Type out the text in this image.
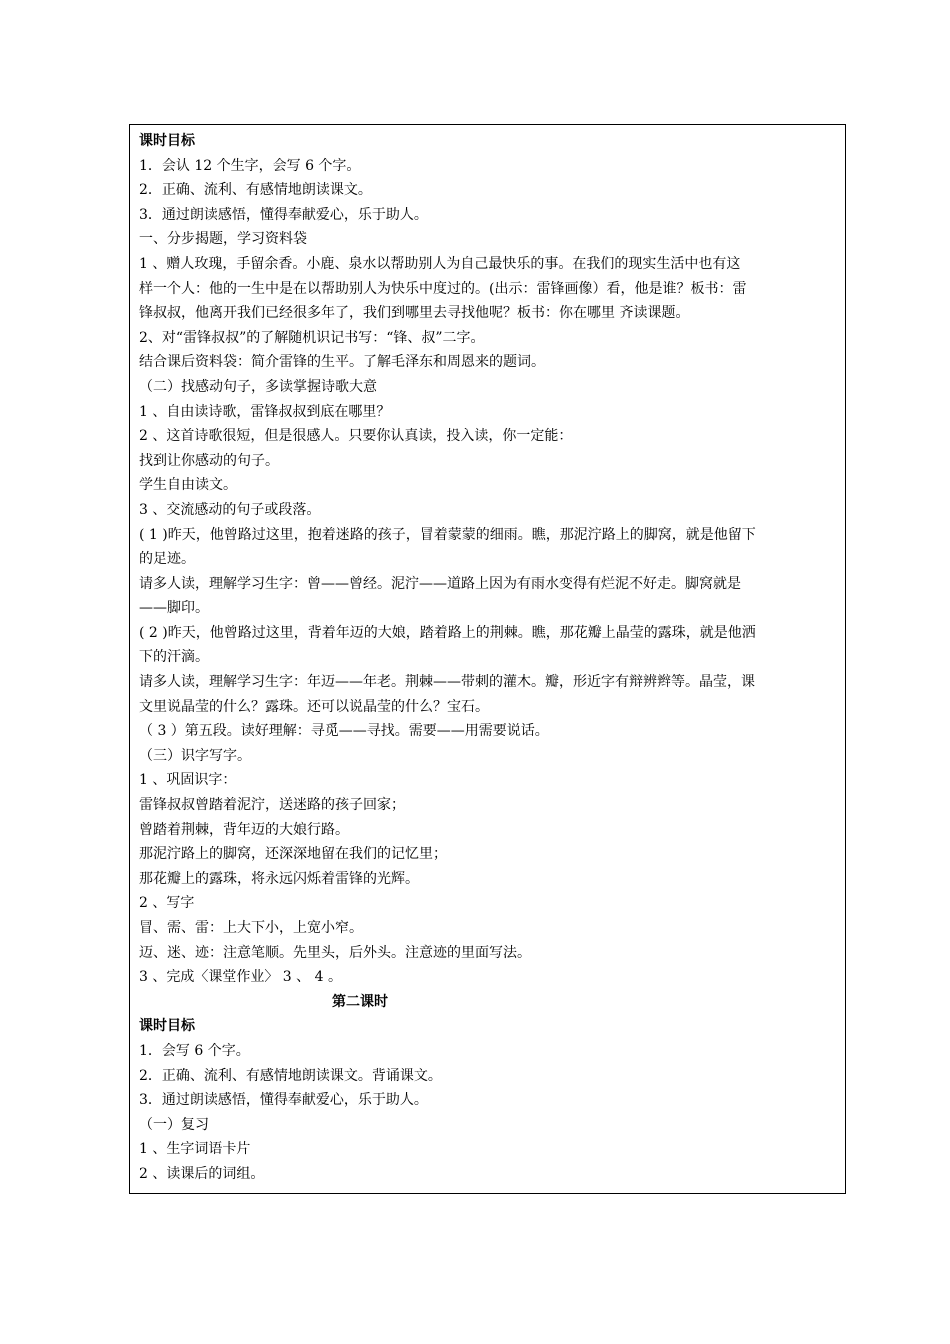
课时目标
1．会认 12 个生字，会写 6 个字。
2．正确、流利、有感情地朗读课文。
3．通过朗读感悟，懂得奉献爱心，乐于助人。
一、分步揭题，学习资料袋
1 、赠人玫瑰，手留余香。小鹿、泉水以帮助别人为自己最快乐的事。在我们的现实生活中也有这
样一个人：他的一生中是在以帮助别人为快乐中度过的。(出示：雷锋画像）看，他是谁？板书：雷
锋叔叔，他离开我们已经很多年了，我们到哪里去寻找他呢？板书：你在哪里 齐读课题。
2、对“雷锋叔叔”的了解随机识记书写：“锋、叔”二字。
结合课后资料袋：简介雷锋的生平。了解毛泽东和周恩来的题词。
（二）找感动句子，多读掌握诗歌大意
1 、自由读诗歌，雷锋叔叔到底在哪里？
2 、这首诗歌很短，但是很感人。只要你认真读，投入读，你一定能：
找到让你感动的句子。
学生自由读文。
3 、交流感动的句子或段落。
( 1 )昨天，他曾路过这里，抱着迷路的孩子，冒着蒙蒙的细雨。瞧，那泥泞路上的脚窝，就是他留下
的足迹。
请多人读，理解学习生字：曾——曾经。泥泞——道路上因为有雨水变得有烂泥不好走。脚窝就是
——脚印。
( 2 )昨天，他曾路过这里，背着年迈的大娘，踏着路上的荆棘。瞧，那花瓣上晶莹的露珠，就是他洒
下的汗滴。
请多人读，理解学习生字：年迈——年老。荆棘——带刺的灌木。瓣，形近字有辩辨辫等。晶莹，课
文里说晶莹的什么？露珠。还可以说晶莹的什么？宝石。
（ 3 ）第五段。读好理解：寻觅——寻找。需要——用需要说话。
（三）识字写字。
1 、巩固识字：
雷锋叔叔曾踏着泥泞，送迷路的孩子回家；
曾踏着荆棘，背年迈的大娘行路。
那泥泞路上的脚窝，还深深地留在我们的记忆里；
那花瓣上的露珠，将永远闪烁着雷锋的光辉。
2 、写字
冒、需、雷：上大下小，上宽小窄。
迈、迷、迹：注意笔顺。先里头，后外头。注意迹的里面写法。
3 、完成〈课堂作业〉 3 、 4 。
第二课时
课时目标
1．会写 6 个字。
2．正确、流利、有感情地朗读课文。背诵课文。
3．通过朗读感悟，懂得奉献爱心，乐于助人。
（一）复习
1 、生字词语卡片
2 、读课后的词组。
